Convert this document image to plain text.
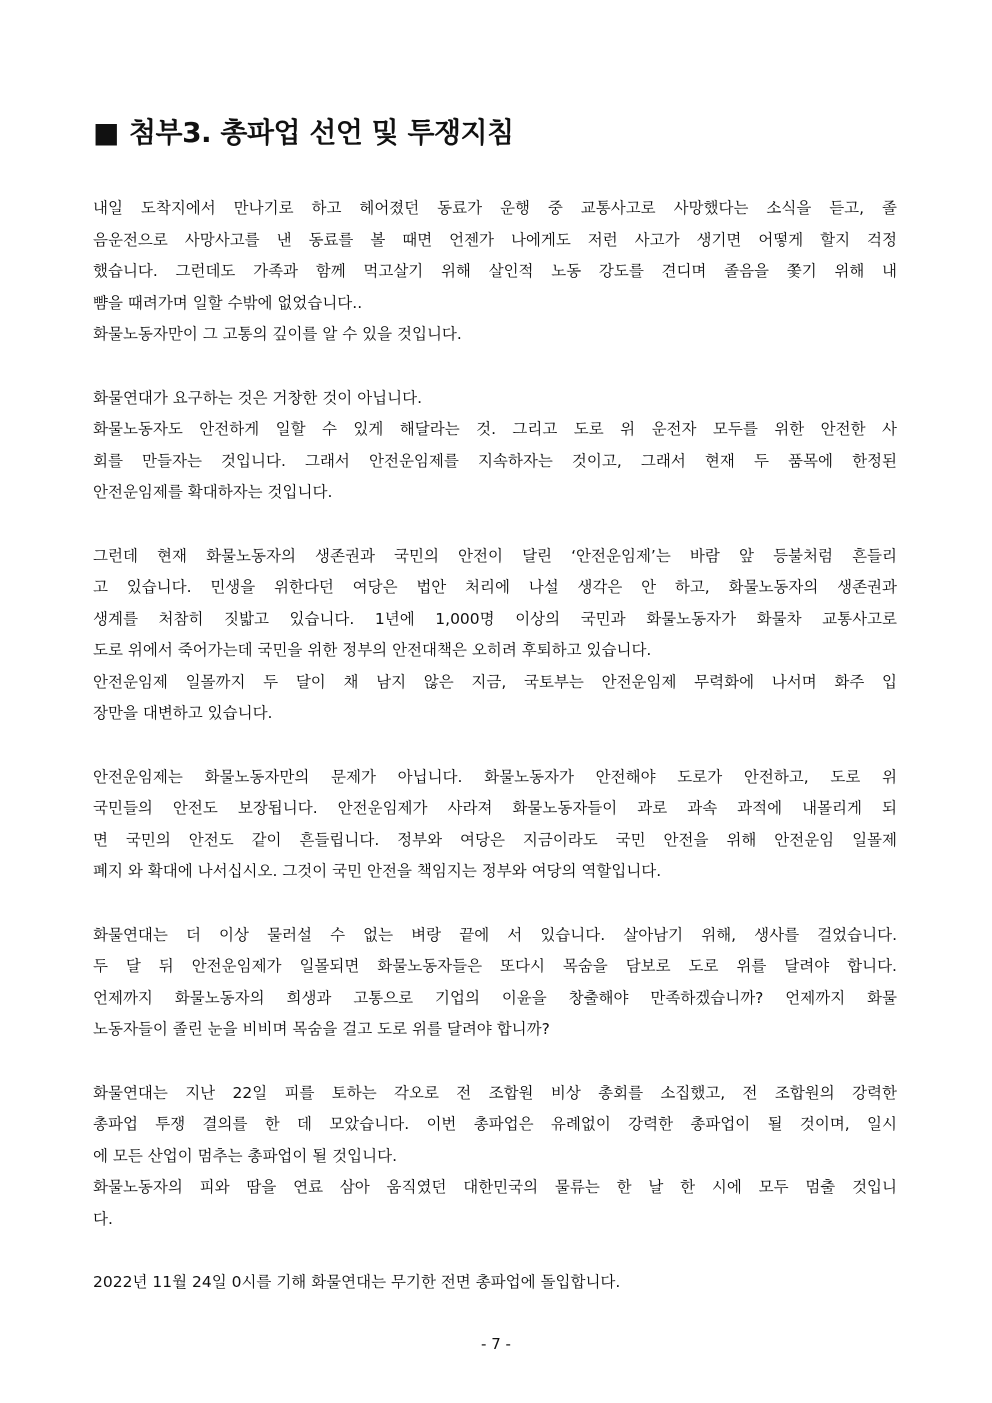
■ 첨부3. 총파업 선언 및 투쟁지침

내일 도착지에서 만나기로 하고 헤어졌던 동료가 운행 중 교통사고로 사망했다는 소식을 듣고, 졸
음운전으로 사망사고를 낸 동료를 볼 때면 언젠가 나에게도 저런 사고가 생기면 어떻게 할지 걱정
했습니다. 그런데도 가족과 함께 먹고살기 위해 살인적 노동 강도를 견디며 졸음을 쫓기 위해 내
뺨을 때려가며 일할 수밖에 없었습니다..
화물노동자만이 그 고통의 깊이를 알 수 있을 것입니다.

화물연대가 요구하는 것은 거창한 것이 아닙니다.
화물노동자도 안전하게 일할 수 있게 해달라는 것. 그리고 도로 위 운전자 모두를 위한 안전한 사
회를 만들자는 것입니다. 그래서 안전운임제를 지속하자는 것이고, 그래서 현재 두 품목에 한정된
안전운임제를 확대하자는 것입니다.

그런데 현재 화물노동자의 생존권과 국민의 안전이 달린 ‘안전운임제’는 바람 앞 등불처럼 흔들리
고 있습니다. 민생을 위한다던 여당은 법안 처리에 나설 생각은 안 하고, 화물노동자의 생존권과
생계를 처참히 짓밟고 있습니다. 1년에 1,000명 이상의 국민과 화물노동자가 화물차 교통사고로
도로 위에서 죽어가는데 국민을 위한 정부의 안전대책은 오히려 후퇴하고 있습니다.
안전운임제 일몰까지 두 달이 채 남지 않은 지금, 국토부는 안전운임제 무력화에 나서며 화주 입
장만을 대변하고 있습니다.

안전운임제는 화물노동자만의 문제가 아닙니다. 화물노동자가 안전해야 도로가 안전하고, 도로 위
국민들의 안전도 보장됩니다. 안전운임제가 사라져 화물노동자들이 과로 과속 과적에 내몰리게 되
면 국민의 안전도 같이 흔들립니다. 정부와 여당은 지금이라도 국민 안전을 위해 안전운임 일몰제
폐지 와 확대에 나서십시오. 그것이 국민 안전을 책임지는 정부와 여당의 역할입니다.

화물연대는 더 이상 물러설 수 없는 벼랑 끝에 서 있습니다. 살아남기 위해, 생사를 걸었습니다.
두 달 뒤 안전운임제가 일몰되면 화물노동자들은 또다시 목숨을 담보로 도로 위를 달려야 합니다.
언제까지 화물노동자의 희생과 고통으로 기업의 이윤을 창출해야 만족하겠습니까? 언제까지 화물
노동자들이 졸린 눈을 비비며 목숨을 걸고 도로 위를 달려야 합니까?

화물연대는 지난 22일 피를 토하는 각오로 전 조합원 비상 총회를 소집했고, 전 조합원의 강력한
총파업 투쟁 결의를 한 데 모았습니다. 이번 총파업은 유례없이 강력한 총파업이 될 것이며, 일시
에 모든 산업이 멈추는 총파업이 될 것입니다.
화물노동자의 피와 땀을 연료 삼아 움직였던 대한민국의 물류는 한 날 한 시에 모두 멈출 것입니
다.

2022년 11월 24일 0시를 기해 화물연대는 무기한 전면 총파업에 돌입합니다.

- 7 -
